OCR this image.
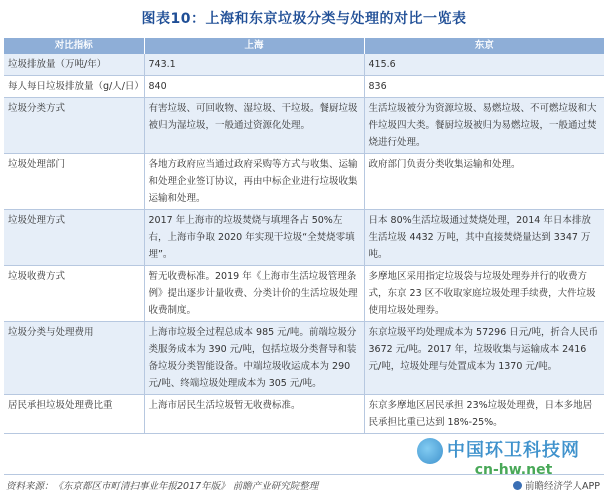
图表10：上海和东京垃圾分类与处理的对比一览表
对比指标	上海	东京
垃圾排放量（万吨/年）	743.1	415.6
每人每日垃圾排放量（g/人/日）	840	836
垃圾分类方式	有害垃圾、可回收物、湿垃圾、干垃圾。餐厨垃圾被归为湿垃圾，一般通过资源化处理。	生活垃圾被分为资源垃圾、易燃垃圾、不可燃垃圾和大件垃圾四大类。餐厨垃圾被归为易燃垃圾，一般通过焚烧进行处理。
垃圾处理部门	各地方政府应当通过政府采购等方式与收集、运输和处理企业签订协议，再由中标企业进行垃圾收集运输和处理。	政府部门负责分类收集运输和处理。
垃圾处理方式	2017 年上海市的垃圾焚烧与填埋各占 50%左右，上海市争取 2020 年实现干垃圾“全焚烧零填埋”。	日本 80%生活垃圾通过焚烧处理，2014 年日本排放生活垃圾 4432 万吨，其中直接焚烧量达到 3347 万吨。
垃圾收费方式	暂无收费标准。2019 年《上海市生活垃圾管理条例》提出逐步计量收费、分类计价的生活垃圾处理收费制度。	多摩地区采用指定垃圾袋与垃圾处理券并行的收费方式，东京 23 区不收取家庭垃圾处理手续费，大件垃圾使用垃圾处理券。
垃圾分类与处理费用	上海市垃圾全过程总成本 985 元/吨。前端垃圾分类服务成本为 390 元/吨，包括垃圾分类督导和装备垃圾分类智能设备。中端垃圾收运成本为 290 元/吨、终端垃圾处理成本为 305 元/吨。	东京垃圾平均处理成本为 57296 日元/吨，折合人民币 3672 元/吨。2017 年，垃圾收集与运输成本 2416 元/吨，垃圾处理与处置成本为 1370 元/吨。
居民承担垃圾处理费比重	上海市居民生活垃圾暂无收费标准。	东京多摩地区居民承担 23%垃圾处理费，日本多地居民承担比重已达到 18%-25%。
资料来源：《东京都区市町清扫事业年报2017年版》 前瞻产业研究院整理	前瞻经济学人APP
中国环卫科技网
cn-hw.net
